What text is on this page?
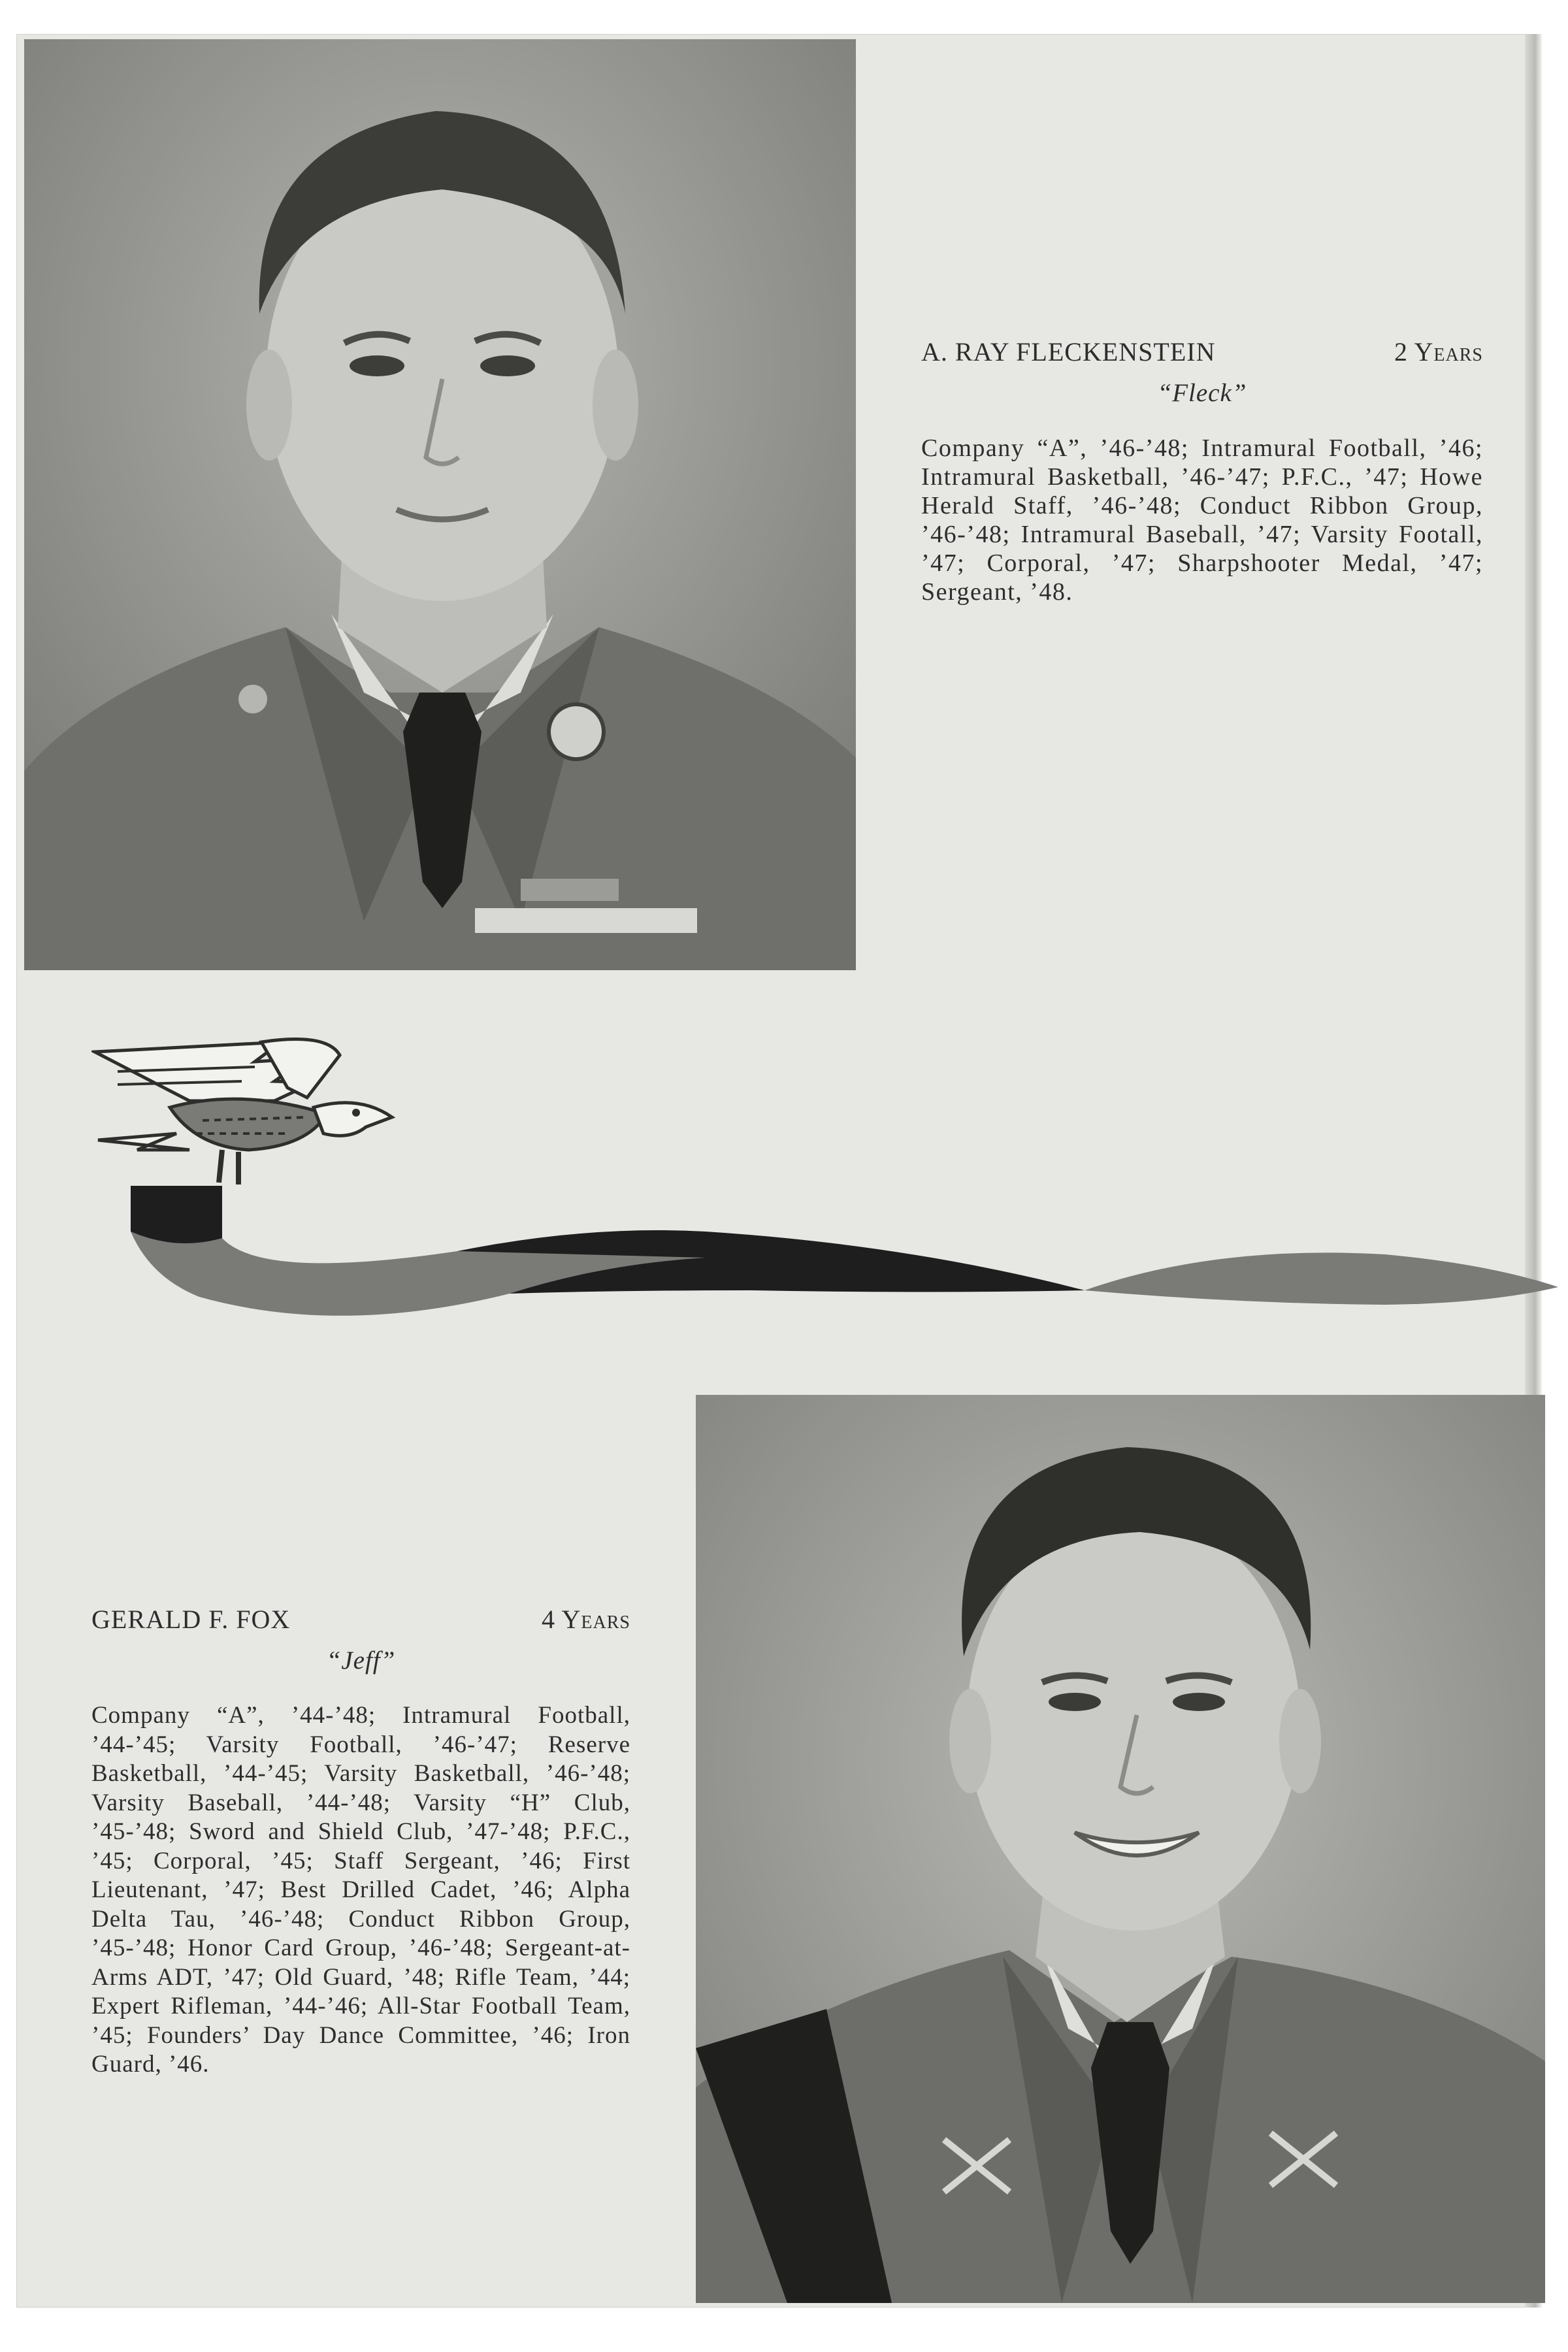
A. RAY FLECKENSTEIN	2 Years
“Fleck”
Company “A”, ’46-’48; Intramural Football, ’46; Intramural Basketball, ’46-’47; P.F.C., ’47; Howe Herald Staff, ’46-’48; Conduct Ribbon Group, ’46-’48; Intramural Baseball, ’47; Varsity Footall, ’47; Corporal, ’47; Sharpshooter Medal, ’47; Sergeant, ’48.
GERALD F. FOX	4 Years
“Jeff”
Company “A”, ’44-’48; Intramural Football, ’44-’45; Varsity Football, ’46-’47; Reserve Basketball, ’44-’45; Varsity Basketball, ’46-’48; Varsity Baseball, ’44-’48; Varsity “H” Club, ’45-’48; Sword and Shield Club, ’47-’48; P.F.C., ’45; Corporal, ’45; Staff Sergeant, ’46; First Lieutenant, ’47; Best Drilled Cadet, ’46; Alpha Delta Tau, ’46-’48; Conduct Ribbon Group, ’45-’48; Honor Card Group, ’46-’48; Sergeant-at-Arms ADT, ’47; Old Guard, ’48; Rifle Team, ’44; Expert Rifleman, ’44-’46; All-Star Football Team, ’45; Founders’ Day Dance Committee, ’46; Iron Guard, ’46.
